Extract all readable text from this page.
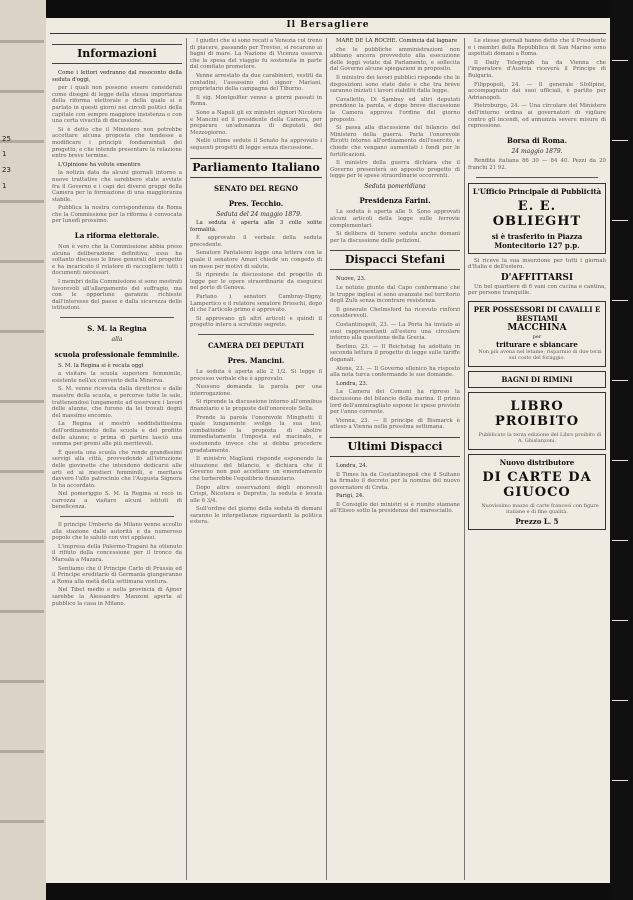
25
1
23
1
Il Bersagliere
Informazioni

Come i lettori vedranno dal resoconto della seduta d'oggi,

per i quali non possono essere considerati come disegni di legge della stessa importanza della riforma elettorale e della quale si è parlato in questi giorni nei circoli politici della capitale con sempre maggiore insistenza e con una certa vivacità di discussione.

Si è detto che il Ministero non potrebbe accettare alcuna proposta che tendesse a modificare i principii fondamentali del progetto, e che intende presentare la relazione entro breve termine.

L'Opinione ha volute smentire

la notizia data da alcuni giornali intorno a nuove trattative che sarebbero state avviate fra il Governo e i capi dei diversi gruppi della Camera per la formazione di una maggioranza stabile.

Pubblica la nostra corrispondenza da Roma che la Commissione per la riforma è convocata per lunedì prossimo.

La riforma elettorale.

Non è vero che la Commissione abbia preso alcuna deliberazione definitiva; essa ha soltanto discusso le linee generali del progetto e ha incaricato il relatore di raccogliere tutti i documenti necessari.

I membri della Commissione si sono mostrati favorevoli all'allargamento del suffragio, ma con le opportune garanzie richieste dall'interesse del paese e dalla sicurezza delle istituzioni.

S. M. la Regina
alla
scuola professionale femminile.

S. M. la Regina si è recata oggi

a visitare la scuola superiore femminile, esistente nell'ex convento della Minerva.

S. M. venne ricevuta dalla direttrice e dalle maestre della scuola, e percorse tutte le sale, trattenendosi lungamente ad osservare i lavori delle alunne, che furono da lei trovati degni del massimo encomio.

La Regina si mostrò soddisfattissima dell'ordinamento della scuola e del profitto delle alunne; e prima di partire lasciò una somma per premi alle più meritevoli.

È questa una scuola che rende grandissimi servigi alla città, provvedendo all'istruzione delle giovinette che intendono dedicarsi alle arti ed ai mestieri femminili, e meritava davvero l'alto patrocinio che l'Augusta Signora le ha accordato.

Nel pomeriggio S. M. la Regina si recò in carrozza a visitare alcuni istituti di beneficenza.

Il principe Umberto da Milano venne accolto alla stazione dalle autorità e da numeroso popolo che lo salutò con vivi applausi.

L'impresa della Palermo-Trapani ha ottenuto il rifiuto della concessione per il tronco da Marsala a Mazara.

Sentiamo che il Principe Carlo di Prussia ed il Principe ereditario di Germania giungeranno a Roma alla metà della settimana ventura.

Nel Tibet medio e nella provincia di Ajmer sarebbe la Alessandro Manzoni aperta al pubblico la casa in Milano.

I giudici che si sono recati a Venezia col treno di piacere, passando per Treviso, si recarono ai bagni di mare. La Nazione di Vicenza osserva che la spesa del viaggio fu sostenuta in parte dal comitato promotore.

Venne arrestato da due carabinieri, vestiti da contadini, l'assassino del signor Mariani, proprietario della campagna del Tiburno.

Il sig. Montgolfier venne a giorni passati in Roma.

Sono a Napoli gli ex ministri signori Nicotera e Mancini ed il presidente della Camera, per preparare un'adunanza di deputati del Mezzogiorno.

Nelle ultime sedute il Senato ha approvato i seguenti progetti di legge senza discussione.

Parliamento Italiano
SENATO DEL REGNO
Pres. Tecchio.

Seduta del 24 maggio 1879.

La seduta è aperta alle 3 colle solite formalità.

È approvato il verbale della seduta precedente.

Senatore Pantaleoni legge una lettera con la quale il senatore Amari chiede un congedo di un mese per motivi di salute.

Si riprende la discussione del progetto di legge per le opere straordinarie da eseguirsi nel porto di Genova.

Parlano i senatori Cambray-Digny, Lampertico e il relatore senatore Brioschi, dopo di che l'articolo primo è approvato.

Si approvano gli altri articoli e quindi il progetto intero a scrutinio segreto.

CAMERA DEI DEPUTATI
Pres. Mancini.

La seduta è aperta alle 2 1/2. Si legge il processo verbale che è approvato.

Nessuno domanda la parola per una interrogazione.

Si riprende la discussione intorno all'omnibus finanziario e le proposte dell'onorevole Sella.

Prende la parola l'onorevole Minghetti il quale lungamente svolge la sua tesi, combattendo la proposta di abolire immediatamente l'imposta sul macinato, e sostenendo invece che si debba procedere gradatamente.

Il ministro Magliani risponde esponendo la situazione del bilancio, e dichiara che il Governo non può accettare un emendamento che turberebbe l'equilibrio finanziario.

Dopo altre osservazioni degli onorevoli Crispi, Nicotera e Depretis, la seduta è levata alle 6 3/4.

Sull'ordine del giorno della seduta di domani saranno le interpellanze riguardanti la politica estera.

MARE DE LA ROCHE. Comincia dal lagnare

che le pubbliche amministrazioni non abbiano ancora provveduto alla esecuzione delle leggi votate dal Parlamento, e sollecita dal Governo alcune spiegazioni in proposito.

Il ministro dei lavori pubblici risponde che le disposizioni sono state date e che tra breve saranno iniziati i lavori stabiliti dalla legge.

Cavalletto, Di Sambuy ed altri deputati prendono la parola, e dopo breve discussione la Camera approva l'ordine del giorno proposto.

Si passa alla discussione del bilancio del Ministero della guerra. Parla l'onorevole Ricotti intorno all'ordinamento dell'esercito, e chiede che vengano aumentati i fondi per le fortificazioni.

Il ministro della guerra dichiara che il Governo presenterà un apposito progetto di legge per le spese straordinarie occorrenti.

Seduta pomeridiana
Presidenza Farini.

La seduta è aperta alle 9. Sono approvati alcuni articoli della legge sulle ferrovie complementari.

Si delibera di tenere seduta anche domani per la discussione delle petizioni.

Dispacci Stefani

Nuove, 23.

Le notizie giunte dal Capo confermano che le truppe inglesi si sono avanzate nel territorio degli Zulù senza incontrare resistenza.

Il generale Chelmsford ha ricevuto rinforzi considerevoli.

Costantinopoli, 23. — La Porta ha inviato ai suoi rappresentanti all'estero una circolare intorno alla questione della Grecia.

Berlino, 23. — Il Reichstag ha adottato in seconda lettura il progetto di legge sulle tariffe doganali.

Atene, 23. — Il Governo ellenico ha risposto alla nota turca confermando le sue domande.

Londra, 23.

La Camera dei Comuni ha ripreso la discussione del bilancio della marina. Il primo lord dell'ammiragliato espone le spese previste per l'anno corrente.

Vienna, 23. — Il principe di Bismarck è atteso a Vienna nella prossima settimana.

Ultimi Dispacci

Londra, 24.

Il Times ha da Costantinopoli che il Sultano ha firmato il decreto per la nomina del nuovo governatore di Creta.

Parigi, 24.

Il Consiglio dei ministri si è riunito stamane all'Eliseo sotto la presidenza del maresciallo.

Le stesse giornali hanno detto che il Presidente e i membri della Repubblica di San Marino sono aspettati domani a Roma.

Il Daily Telegraph ha da Vienna che l'imperatore d'Austria riceverà il Principe di Bulgaria.

Filippopoli, 24. — Il generale Stolipine, accompagnato dai suoi ufficiali, è partito per Adrianopoli.

Pietroburgo, 24. — Una circolare del Ministero dell'interno ordina ai governatori di vigilare contro gli incendi, ed annunzia severe misure di repressione.

Borsa di Roma.
24 maggio 1879.

Rendita italiana 86 30 — 84 40. Pezzi da 20 franchi 21 92.

L'Ufficio Principale di Pubblicità
E. E. OBLIEGHT
si è trasferito in Piazza Montecitorio 127 p.p.

Si riceve la sua inserzione per tutti i giornali d'Italia e dell'estero.

D'AFFITTARSI

Un bel quartiere di 6 vani con cucina e cantina, per persone tranquille.

PER POSSESSORI DI CAVALLI E BESTIAMI
MACCHINA
per
triturare e sbiancare

Non più avena nel letame; risparmio di due terzi sul costo del foraggio.

BAGNI DI RIMINI
LIBRO PROIBITO

Pubblicato la terza edizione del Libro proibito di A. Ghislanzoni.

Nuovo distributore
DI CARTE DA GIUOCO

Nuovissimo mazzo di carte francesi con figure italiane e di fine qualità.

Prezzo L. 5
